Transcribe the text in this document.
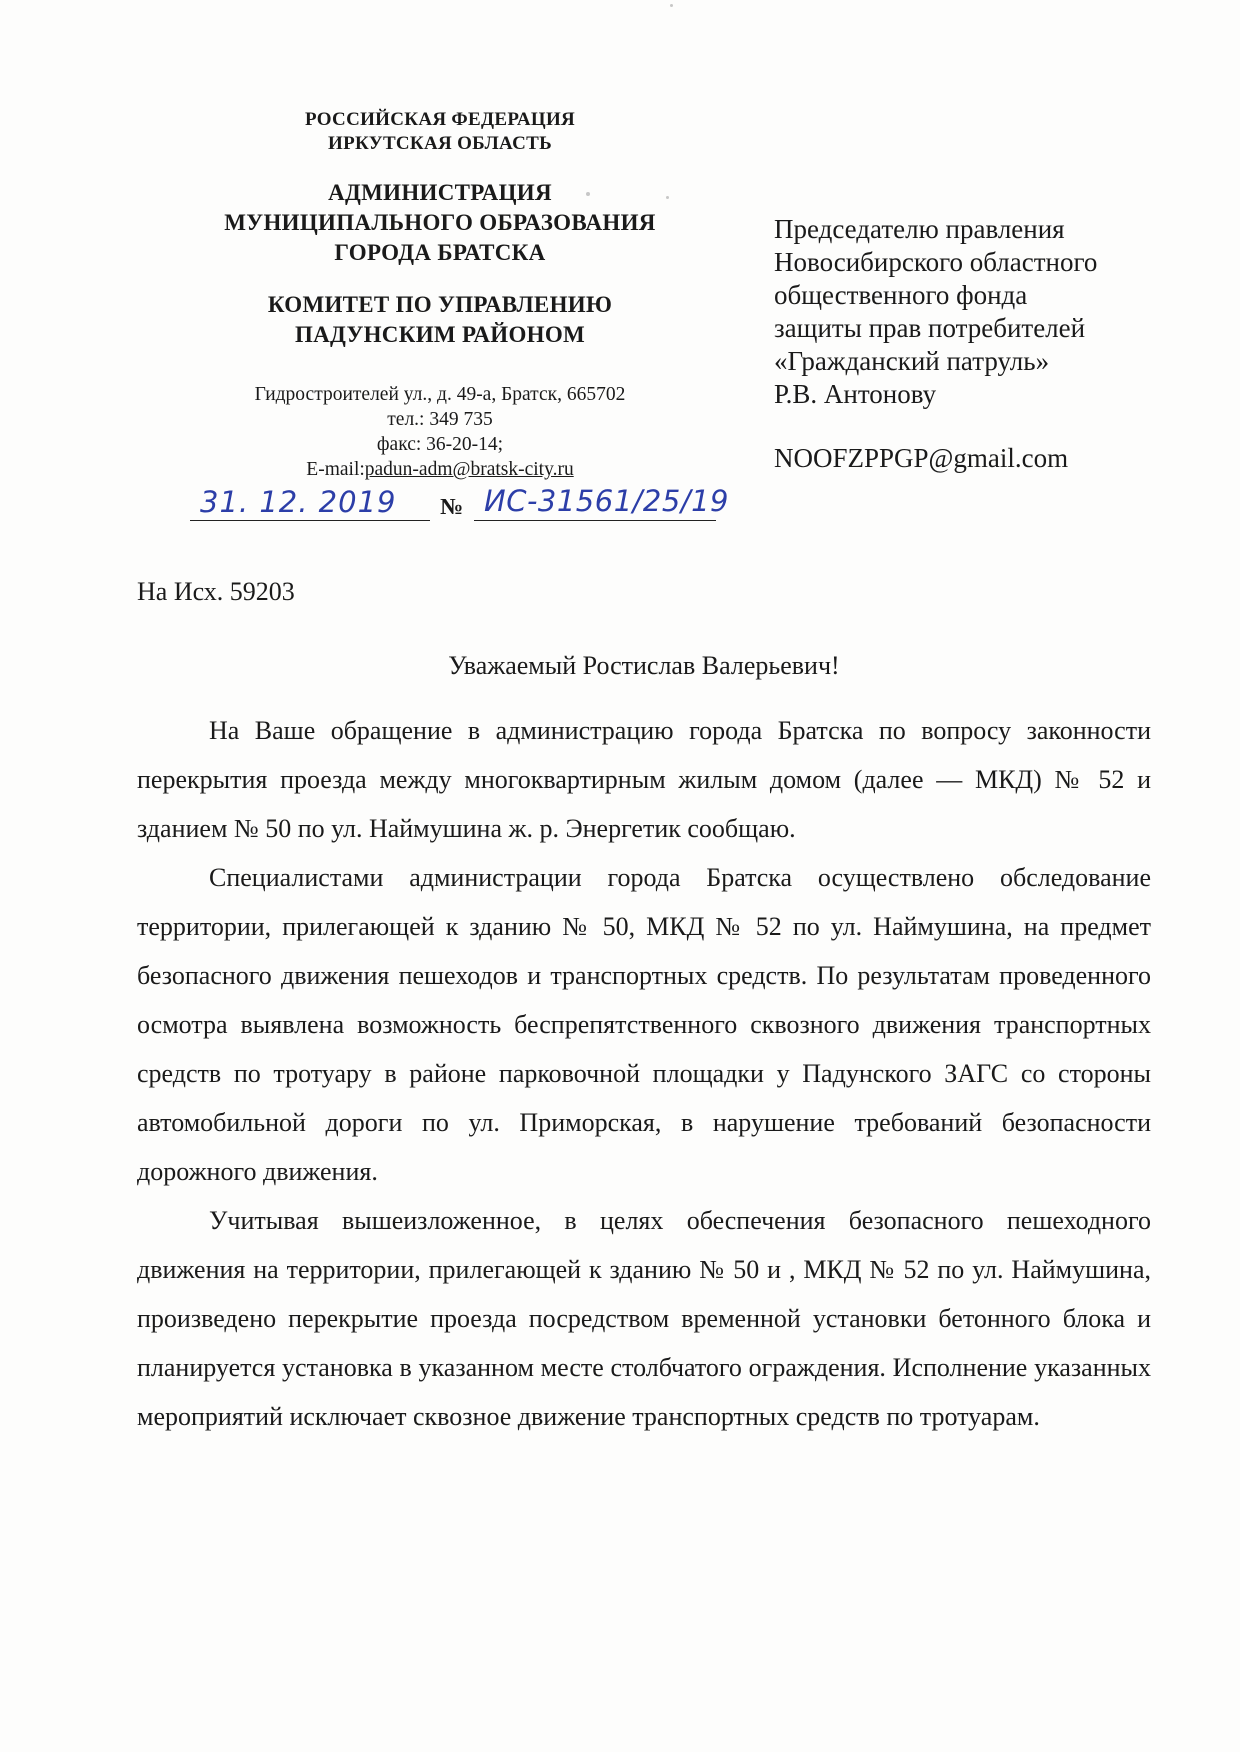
РОССИЙСКАЯ ФЕДЕРАЦИЯ
ИРКУТСКАЯ ОБЛАСТЬ
АДМИНИСТРАЦИЯ
МУНИЦИПАЛЬНОГО ОБРАЗОВАНИЯ
ГОРОДА БРАТСКА
КОМИТЕТ ПО УПРАВЛЕНИЮ
ПАДУНСКИМ РАЙОНОМ
Гидростроителей ул., д. 49-а, Братск, 665702
тел.: 349 735
факс: 36-20-14;
E-mail:padun-adm@bratsk-city.ru
31. 12. 2019	№ ИС-31561/25/19
Председателю правления
Новосибирского областного
общественного фонда
защиты прав потребителей
«Гражданский патруль»
Р.В. Антонову
NOOFZPPGP@gmail.com
На Исх. 59203
Уважаемый Ростислав Валерьевич!

На Ваше обращение в администрацию города Братска по вопросу законности перекрытия проезда между многоквартирным жилым домом (далее — МКД) № 52 и зданием № 50 по ул. Наймушина ж. р. Энергетик сообщаю.

Специалистами администрации города Братска осуществлено обследование территории, прилегающей к зданию № 50, МКД № 52 по ул. Наймушина, на предмет безопасного движения пешеходов и транспортных средств. По результатам проведенного осмотра выявлена возможность беспрепятственного сквозного движения транспортных средств по тротуару в районе парковочной площадки у Падунского ЗАГС со стороны автомобильной дороги по ул. Приморская, в нарушение требований безопасности дорожного движения.

Учитывая вышеизложенное, в целях обеспечения безопасного пешеходного движения на территории, прилегающей к зданию № 50 и , МКД № 52 по ул. Наймушина, произведено перекрытие проезда посредством временной установки бетонного блока и планируется установка в указанном месте столбчатого ограждения. Исполнение указанных мероприятий исключает сквозное движение транспортных средств по тротуарам.
